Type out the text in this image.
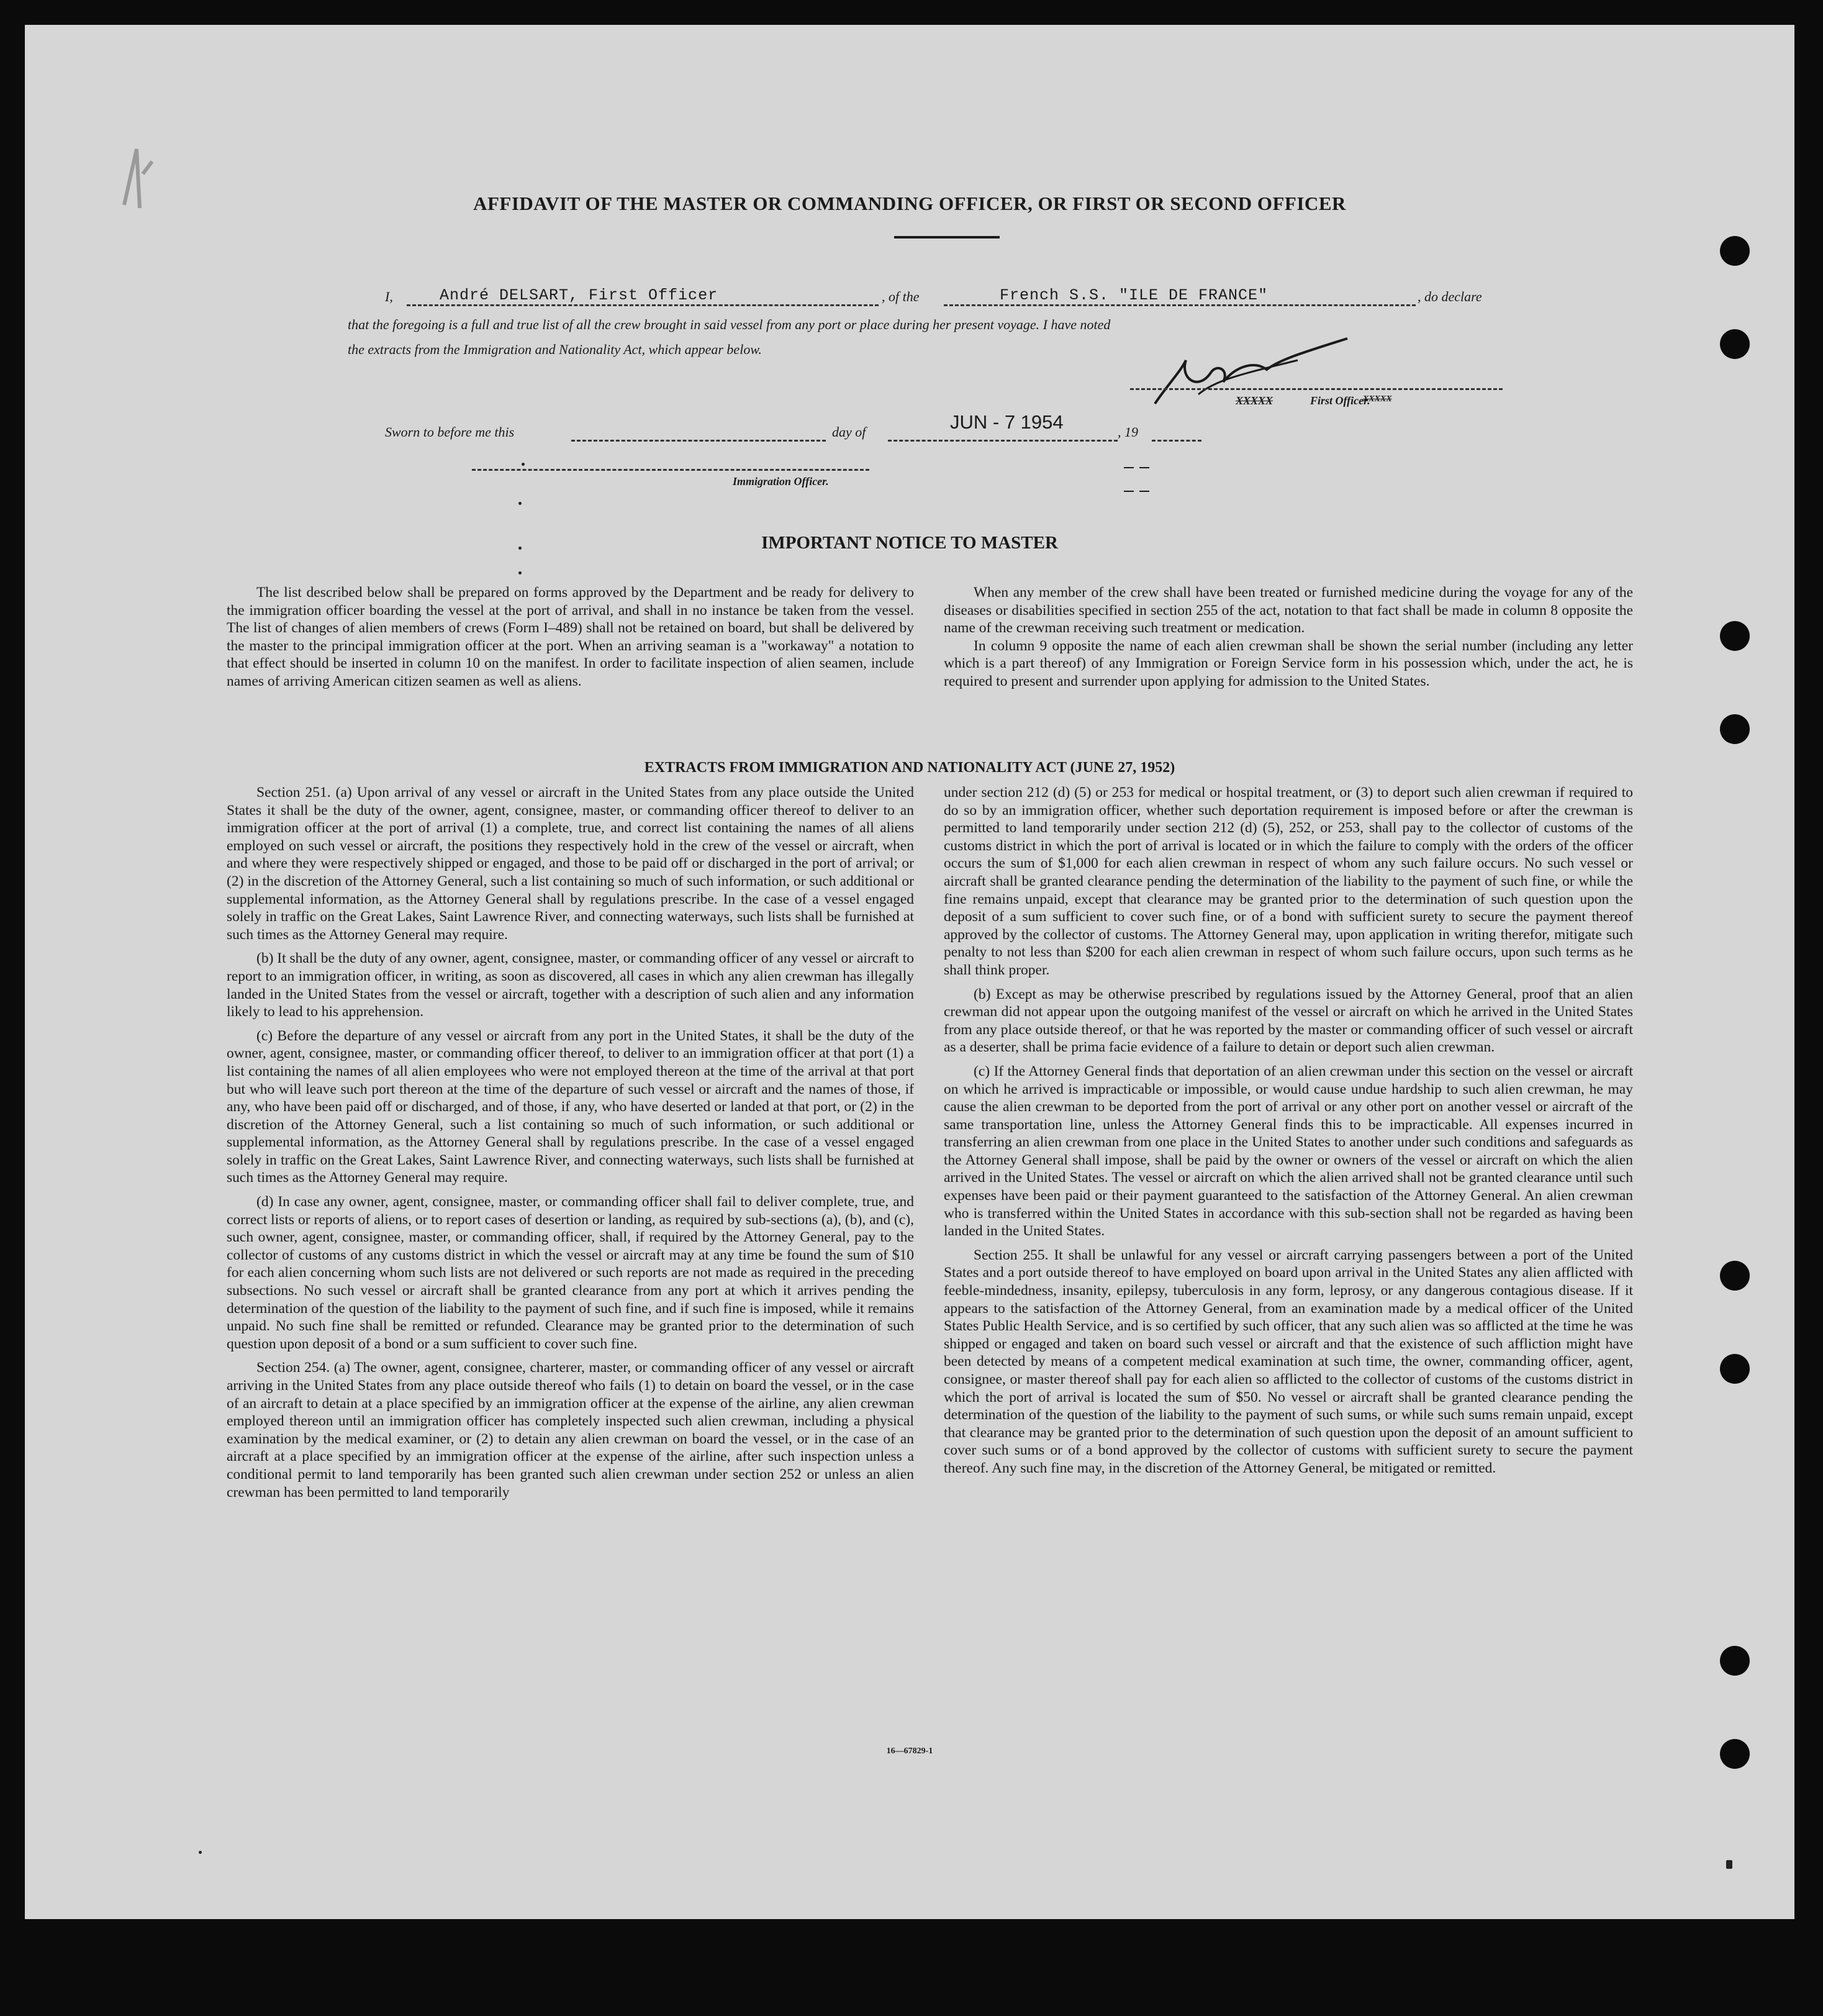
AFFIDAVIT OF THE MASTER OR COMMANDING OFFICER, OR FIRST OR SECOND OFFICER
I,	André DELSART, First Officer	, of the	French S.S. "ILE DE FRANCE"	, do declare
that the foregoing is a full and true list of all the crew brought in said vessel from any port or place during her present voyage. I have noted
the extracts from the Immigration and Nationality Act, which appear below.
XXXXX	First Officer.
XXXXX
Sworn to before me this	day of	JUN - 7 1954	, 19
Immigration Officer.
IMPORTANT NOTICE TO MASTER

The list described below shall be prepared on forms approved by the Department and be ready for delivery to the immigration officer boarding the vessel at the port of arrival, and shall in no instance be taken from the vessel. The list of changes of alien members of crews (Form I–489) shall not be retained on board, but shall be delivered by the master to the principal immigration officer at the port. When an arriving seaman is a "workaway" a notation to that effect should be inserted in column 10 on the manifest. In order to facilitate inspection of alien seamen, include names of arriving American citizen seamen as well as aliens.

When any member of the crew shall have been treated or furnished medicine during the voyage for any of the diseases or disabilities specified in section 255 of the act, notation to that fact shall be made in column 8 opposite the name of the crewman receiving such treatment or medication.

In column 9 opposite the name of each alien crewman shall be shown the serial number (including any letter which is a part thereof) of any Immigration or Foreign Service form in his possession which, under the act, he is required to present and surrender upon applying for admission to the United States.

EXTRACTS FROM IMMIGRATION AND NATIONALITY ACT (JUNE 27, 1952)

Section 251. (a) Upon arrival of any vessel or aircraft in the United States from any place outside the United States it shall be the duty of the owner, agent, consignee, master, or commanding officer thereof to deliver to an immigration officer at the port of arrival (1) a complete, true, and correct list containing the names of all aliens employed on such vessel or aircraft, the positions they respectively hold in the crew of the vessel or aircraft, when and where they were respectively shipped or engaged, and those to be paid off or discharged in the port of arrival; or (2) in the discretion of the Attorney General, such a list containing so much of such information, or such additional or supplemental information, as the Attorney General shall by regulations prescribe. In the case of a vessel engaged solely in traffic on the Great Lakes, Saint Lawrence River, and connecting waterways, such lists shall be furnished at such times as the Attorney General may require.

(b) It shall be the duty of any owner, agent, consignee, master, or commanding officer of any vessel or aircraft to report to an immigration officer, in writing, as soon as discovered, all cases in which any alien crewman has illegally landed in the United States from the vessel or aircraft, together with a description of such alien and any information likely to lead to his apprehension.

(c) Before the departure of any vessel or aircraft from any port in the United States, it shall be the duty of the owner, agent, consignee, master, or commanding officer thereof, to deliver to an immigration officer at that port (1) a list containing the names of all alien employees who were not employed thereon at the time of the arrival at that port but who will leave such port thereon at the time of the departure of such vessel or aircraft and the names of those, if any, who have been paid off or discharged, and of those, if any, who have deserted or landed at that port, or (2) in the discretion of the Attorney General, such a list containing so much of such information, or such additional or supplemental information, as the Attorney General shall by regulations prescribe. In the case of a vessel engaged solely in traffic on the Great Lakes, Saint Lawrence River, and connecting waterways, such lists shall be furnished at such times as the Attorney General may require.

(d) In case any owner, agent, consignee, master, or commanding officer shall fail to deliver complete, true, and correct lists or reports of aliens, or to report cases of desertion or landing, as required by sub-sections (a), (b), and (c), such owner, agent, consignee, master, or commanding officer, shall, if required by the Attorney General, pay to the collector of customs of any customs district in which the vessel or aircraft may at any time be found the sum of $10 for each alien concerning whom such lists are not delivered or such reports are not made as required in the preceding subsections. No such vessel or aircraft shall be granted clearance from any port at which it arrives pending the determination of the question of the liability to the payment of such fine, and if such fine is imposed, while it remains unpaid. No such fine shall be remitted or refunded. Clearance may be granted prior to the determination of such question upon deposit of a bond or a sum sufficient to cover such fine.

Section 254. (a) The owner, agent, consignee, charterer, master, or commanding officer of any vessel or aircraft arriving in the United States from any place outside thereof who fails (1) to detain on board the vessel, or in the case of an aircraft to detain at a place specified by an immigration officer at the expense of the airline, any alien crewman employed thereon until an immigration officer has completely inspected such alien crewman, including a physical examination by the medical examiner, or (2) to detain any alien crewman on board the vessel, or in the case of an aircraft at a place specified by an immigration officer at the expense of the airline, after such inspection unless a conditional permit to land temporarily has been granted such alien crewman under section 252 or unless an alien crewman has been permitted to land temporarily

under section 212 (d) (5) or 253 for medical or hospital treatment, or (3) to deport such alien crewman if required to do so by an immigration officer, whether such deportation requirement is imposed before or after the crewman is permitted to land temporarily under section 212 (d) (5), 252, or 253, shall pay to the collector of customs of the customs district in which the port of arrival is located or in which the failure to comply with the orders of the officer occurs the sum of $1,000 for each alien crewman in respect of whom any such failure occurs. No such vessel or aircraft shall be granted clearance pending the determination of the liability to the payment of such fine, or while the fine remains unpaid, except that clearance may be granted prior to the determination of such question upon the deposit of a sum sufficient to cover such fine, or of a bond with sufficient surety to secure the payment thereof approved by the collector of customs. The Attorney General may, upon application in writing therefor, mitigate such penalty to not less than $200 for each alien crewman in respect of whom such failure occurs, upon such terms as he shall think proper.

(b) Except as may be otherwise prescribed by regulations issued by the Attorney General, proof that an alien crewman did not appear upon the outgoing manifest of the vessel or aircraft on which he arrived in the United States from any place outside thereof, or that he was reported by the master or commanding officer of such vessel or aircraft as a deserter, shall be prima facie evidence of a failure to detain or deport such alien crewman.

(c) If the Attorney General finds that deportation of an alien crewman under this section on the vessel or aircraft on which he arrived is impracticable or impossible, or would cause undue hardship to such alien crewman, he may cause the alien crewman to be deported from the port of arrival or any other port on another vessel or aircraft of the same transportation line, unless the Attorney General finds this to be impracticable. All expenses incurred in transferring an alien crewman from one place in the United States to another under such conditions and safeguards as the Attorney General shall impose, shall be paid by the owner or owners of the vessel or aircraft on which the alien arrived in the United States. The vessel or aircraft on which the alien arrived shall not be granted clearance until such expenses have been paid or their payment guaranteed to the satisfaction of the Attorney General. An alien crewman who is transferred within the United States in accordance with this sub-section shall not be regarded as having been landed in the United States.

Section 255. It shall be unlawful for any vessel or aircraft carrying passengers between a port of the United States and a port outside thereof to have employed on board upon arrival in the United States any alien afflicted with feeble-mindedness, insanity, epilepsy, tuberculosis in any form, leprosy, or any dangerous contagious disease. If it appears to the satisfaction of the Attorney General, from an examination made by a medical officer of the United States Public Health Service, and is so certified by such officer, that any such alien was so afflicted at the time he was shipped or engaged and taken on board such vessel or aircraft and that the existence of such affliction might have been detected by means of a competent medical examination at such time, the owner, commanding officer, agent, consignee, or master thereof shall pay for each alien so afflicted to the collector of customs of the customs district in which the port of arrival is located the sum of $50. No vessel or aircraft shall be granted clearance pending the determination of the question of the liability to the payment of such sums, or while such sums remain unpaid, except that clearance may be granted prior to the determination of such question upon the deposit of an amount sufficient to cover such sums or of a bond approved by the collector of customs with sufficient surety to secure the payment thereof. Any such fine may, in the discretion of the Attorney General, be mitigated or remitted.

16—67829-1
